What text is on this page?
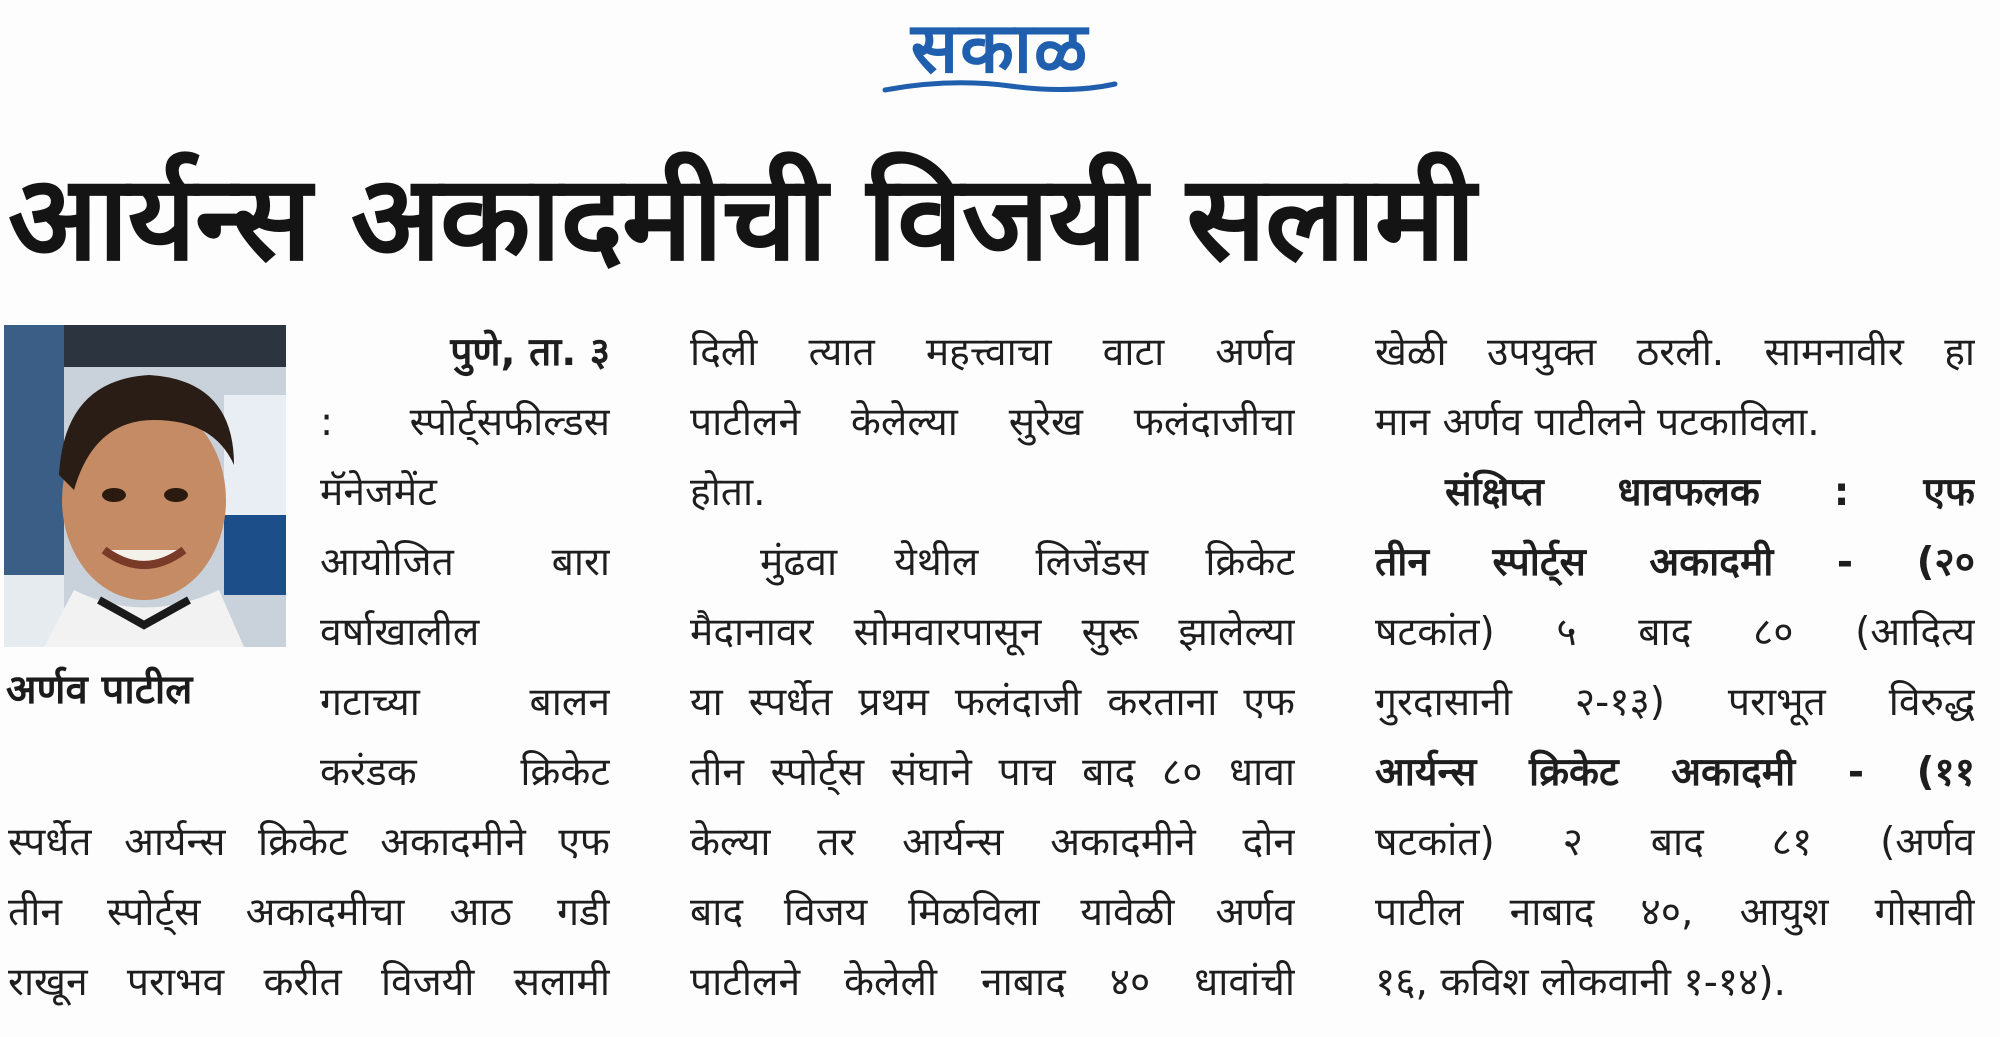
सकाळ
आर्यन्स अकादमीची विजयी सलामी
अर्णव पाटील
पुणे, ता. ३
: स्पोर्ट्सफील्डस
मॅनेजमेंट
आयोजित बारा
वर्षाखालील
गटाच्या बालन
करंडक क्रिकेट
स्पर्धेत आर्यन्स क्रिकेट अकादमीने एफ
तीन स्पोर्ट्स अकादमीचा आठ गडी
राखून पराभव करीत विजयी सलामी
दिली त्यात महत्त्वाचा वाटा अर्णव
पाटीलने केलेल्या सुरेख फलंदाजीचा
होता.
मुंढवा येथील लिजेंडस क्रिकेट
मैदानावर सोमवारपासून सुरू झालेल्या
या स्पर्धेत प्रथम फलंदाजी करताना एफ
तीन स्पोर्ट्स संघाने पाच बाद ८० धावा
केल्या तर आर्यन्स अकादमीने दोन
बाद विजय मिळविला यावेळी अर्णव
पाटीलने केलेली नाबाद ४० धावांची
खेळी उपयुक्त ठरली. सामनावीर हा
मान अर्णव पाटीलने पटकाविला.
संक्षिप्त धावफलक : एफ
तीन स्पोर्ट्स अकादमी - (२०
षटकांत) ५ बाद ८० (आदित्य
गुरदासानी २-१३) पराभूत विरुद्ध
आर्यन्स क्रिकेट अकादमी - (११
षटकांत) २ बाद ८१ (अर्णव
पाटील नाबाद ४०, आयुश गोसावी
१६, कविश लोकवानी १-१४).
